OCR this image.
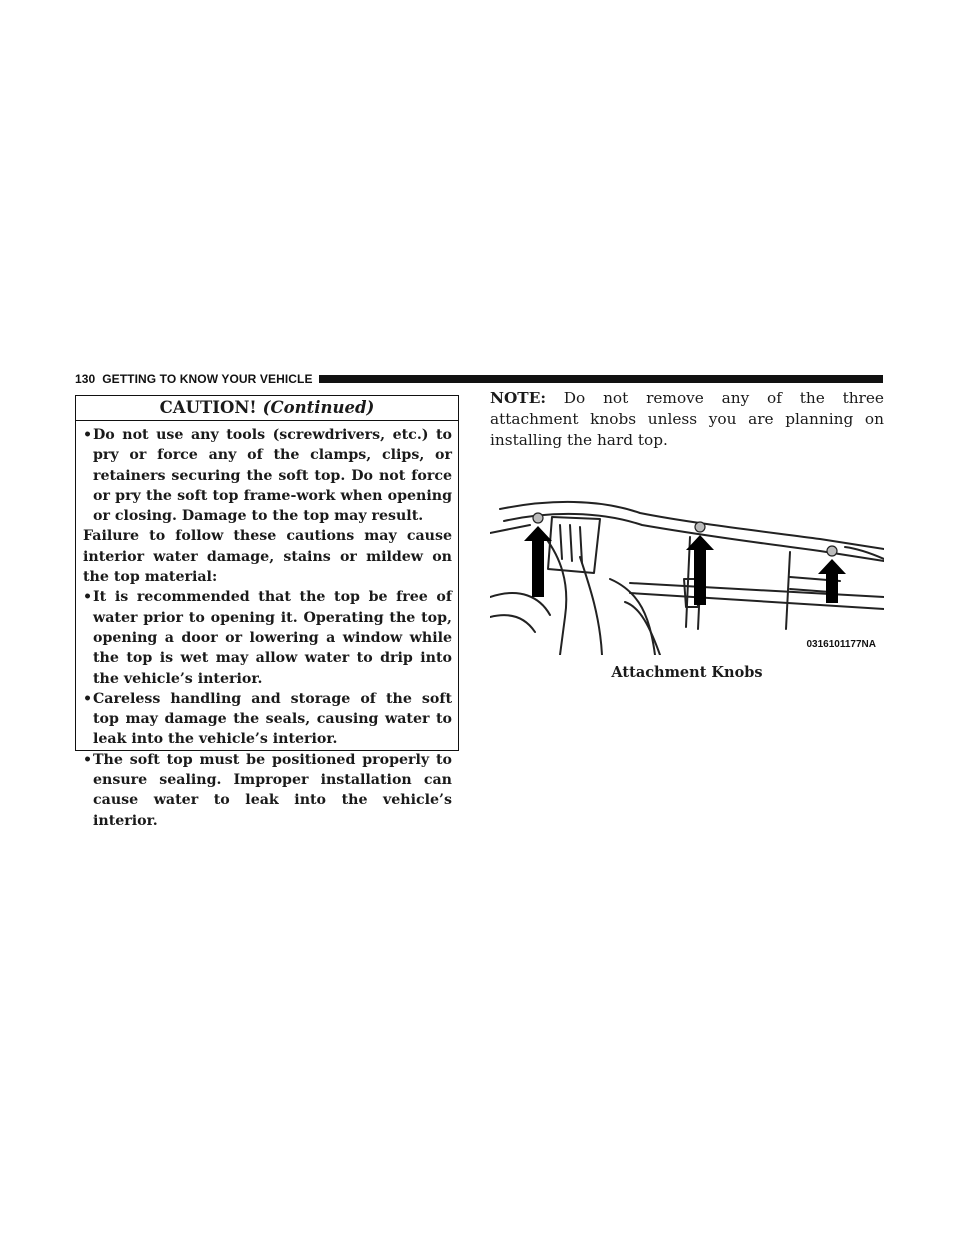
130 GETTING TO KNOW YOUR VEHICLE
CAUTION! (Continued)
• Do not use any tools (screwdrivers, etc.) to pry or force any of the clamps, clips, or retainers securing the soft top. Do not force or pry the soft top frame-work when opening or closing. Damage to the top may result.
Failure to follow these cautions may cause interior water damage, stains or mildew on the top material:
• It is recommended that the top be free of water prior to opening it. Operating the top, opening a door or lowering a window while the top is wet may allow water to drip into the vehicle’s interior.
• Careless handling and storage of the soft top may damage the seals, causing water to leak into the vehicle’s interior.
• The soft top must be positioned properly to ensure sealing. Improper installation can cause water to leak into the vehicle’s interior.
NOTE: Do not remove any of the three attachment knobs unless you are planning on installing the hard top.
0316101177NA
Attachment Knobs
